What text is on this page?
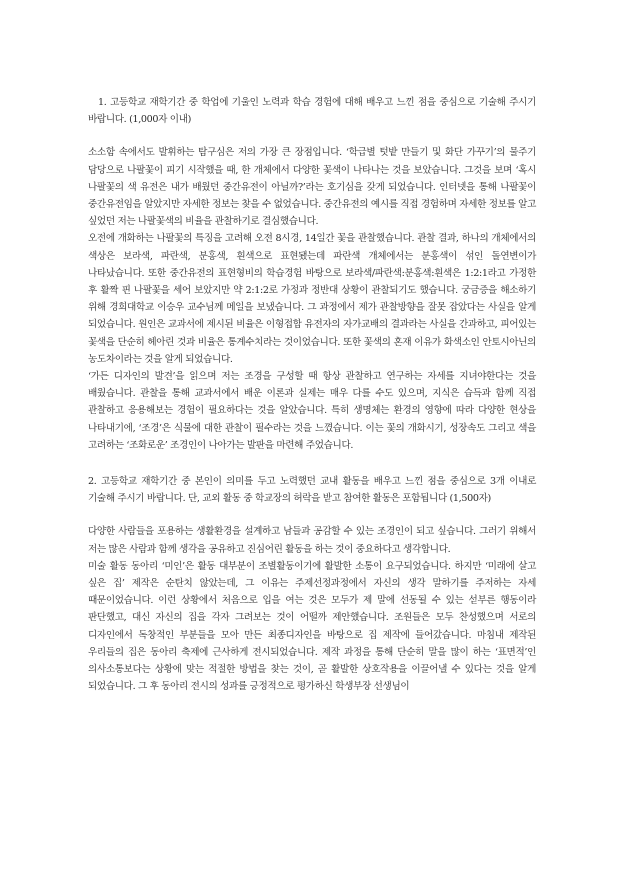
1. 고등학교 재학기간 중 학업에 기울인 노력과 학습 경험에 대해 배우고 느낀 점을 중심으로 기술해 주시기 바랍니다. (1,000자 이내)

소소함 속에서도 발휘하는 탐구심은 저의 가장 큰 장점입니다. ‘학급별 텃밭 만들기 및 화단 가꾸기’의 물주기 담당으로 나팔꽃이 피기 시작했을 때, 한 개체에서 다양한 꽃색이 나타나는 것을 보았습니다. 그것을 보며 ‘혹시 나팔꽃의 색 유전은 내가 배웠던 중간유전이 아닐까?’라는 호기심을 갖게 되었습니다. 인터넷을 통해 나팔꽃이 중간유전임을 알았지만 자세한 정보는 찾을 수 없었습니다. 중간유전의 예시를 직접 경험하며 자세한 정보를 알고 싶었던 저는 나팔꽃색의 비율을 관찰하기로 결심했습니다.

오전에 개화하는 나팔꽃의 특징을 고려해 오전 8시경, 14일간 꽃을 관찰했습니다. 관찰 결과, 하나의 개체에서의 색상은 보라색, 파란색, 분홍색, 흰색으로 표현됐는데 파란색 개체에서는 분홍색이 섞인 돌연변이가 나타났습니다. 또한 중간유전의 표현형비의 학습경험 바탕으로 보라색/파란색:분홍색:흰색은 1:2:1라고 가정한 후 활짝 핀 나팔꽃을 세어 보았지만 약 2:1:2로 가정과 정반대 상황이 관찰되기도 했습니다. 궁금증을 해소하기 위해 경희대학교 이승우 교수님께 메일을 보냈습니다. 그 과정에서 제가 관찰방향을 잘못 잡았다는 사실을 알게 되었습니다. 원인은 교과서에 제시된 비율은 이형접합 유전자의 자가교배의 결과라는 사실을 간과하고, 피어있는 꽃색을 단순히 헤아린 것과 비율은 통계수치라는 것이었습니다. 또한 꽃색의 혼재 이유가 화색소인 안토시아닌의 농도차이라는 것을 알게 되었습니다.

‘가든 디자인의 발견’을 읽으며 저는 조경을 구성할 때 항상 관찰하고 연구하는 자세를 지녀야한다는 것을 배웠습니다. 관찰을 통해 교과서에서 배운 이론과 실제는 매우 다를 수도 있으며, 지식은 습득과 함께 직접 관찰하고 응용해보는 경험이 필요하다는 것을 알았습니다. 특히 생명체는 환경의 영향에 따라 다양한 현상을 나타내기에, ‘조경’은 식물에 대한 관찰이 필수라는 것을 느꼈습니다. 이는 꽃의 개화시기, 성장속도 그리고 색을 고려하는 ‘조화로운’ 조경인이 나아가는 발판을 마련해 주었습니다.

2. 고등학교 재학기간 중 본인이 의미를 두고 노력했던 교내 활동을 배우고 느낀 점을 중심으로 3개 이내로 기술해 주시기 바랍니다. 단, 교외 활동 중 학교장의 허락을 받고 참여한 활동은 포함됩니다 (1,500자)

다양한 사람들을 포용하는 생활환경을 설계하고 남들과 공감할 수 있는 조경인이 되고 싶습니다. 그러기 위해서 저는 많은 사람과 함께 생각을 공유하고 진심어린 활동을 하는 것이 중요하다고 생각합니다.

미술 활동 동아리 ‘미인’은 활동 대부분이 조별활동이기에 활발한 소통이 요구되었습니다. 하지만 ‘미래에 살고 싶은 집’ 제작은 순탄치 않았는데, 그 이유는 주제선정과정에서 자신의 생각 말하기를 주저하는 자세 때문이었습니다. 이런 상황에서 처음으로 입을 여는 것은 모두가 제 말에 선동될 수 있는 섣부른 행동이라 판단했고, 대신 자신의 집을 각자 그려보는 것이 어떨까 제안했습니다. 조원들은 모두 찬성했으며 서로의 디자인에서 독창적인 부분들을 모아 만든 최종디자인을 바탕으로 집 제작에 들어갔습니다. 마침내 제작된 우리들의 집은 동아리 축제에 근사하게 전시되었습니다. 제작 과정을 통해 단순히 말을 많이 하는 ‘표면적’인 의사소통보다는 상황에 맞는 적절한 방법을 찾는 것이, 곧 활발한 상호작용을 이끌어낼 수 있다는 것을 알게 되었습니다. 그 후 동아리 전시의 성과를 긍정적으로 평가하신 학생부장 선생님이
